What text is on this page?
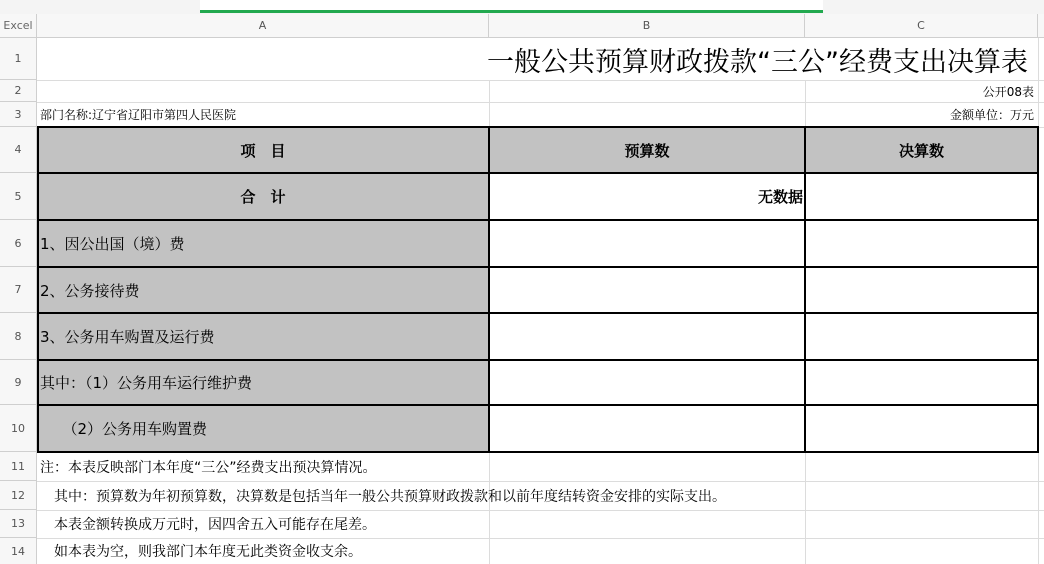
Excel	A	B	C
1
2
3
4
5
6
7
8
9
10
11
12
13
14
一般公共预算财政拨款“三公”经费支出决算表
公开08表
部门名称:辽宁省辽阳市第四人民医院	金额单位：万元
项　目	预算数	决算数
合　计	无数据
1、因公出国（境）费
2、公务接待费
3、公务用车购置及运行费
其中：（1）公务用车运行维护费
　　（2）公务用车购置费
注：本表反映部门本年度“三公”经费支出预决算情况。
　其中：预算数为年初预算数，决算数是包括当年一般公共预算财政拨款和以前年度结转资金安排的实际支出。
　本表金额转换成万元时，因四舍五入可能存在尾差。
　如本表为空，则我部门本年度无此类资金收支余。
